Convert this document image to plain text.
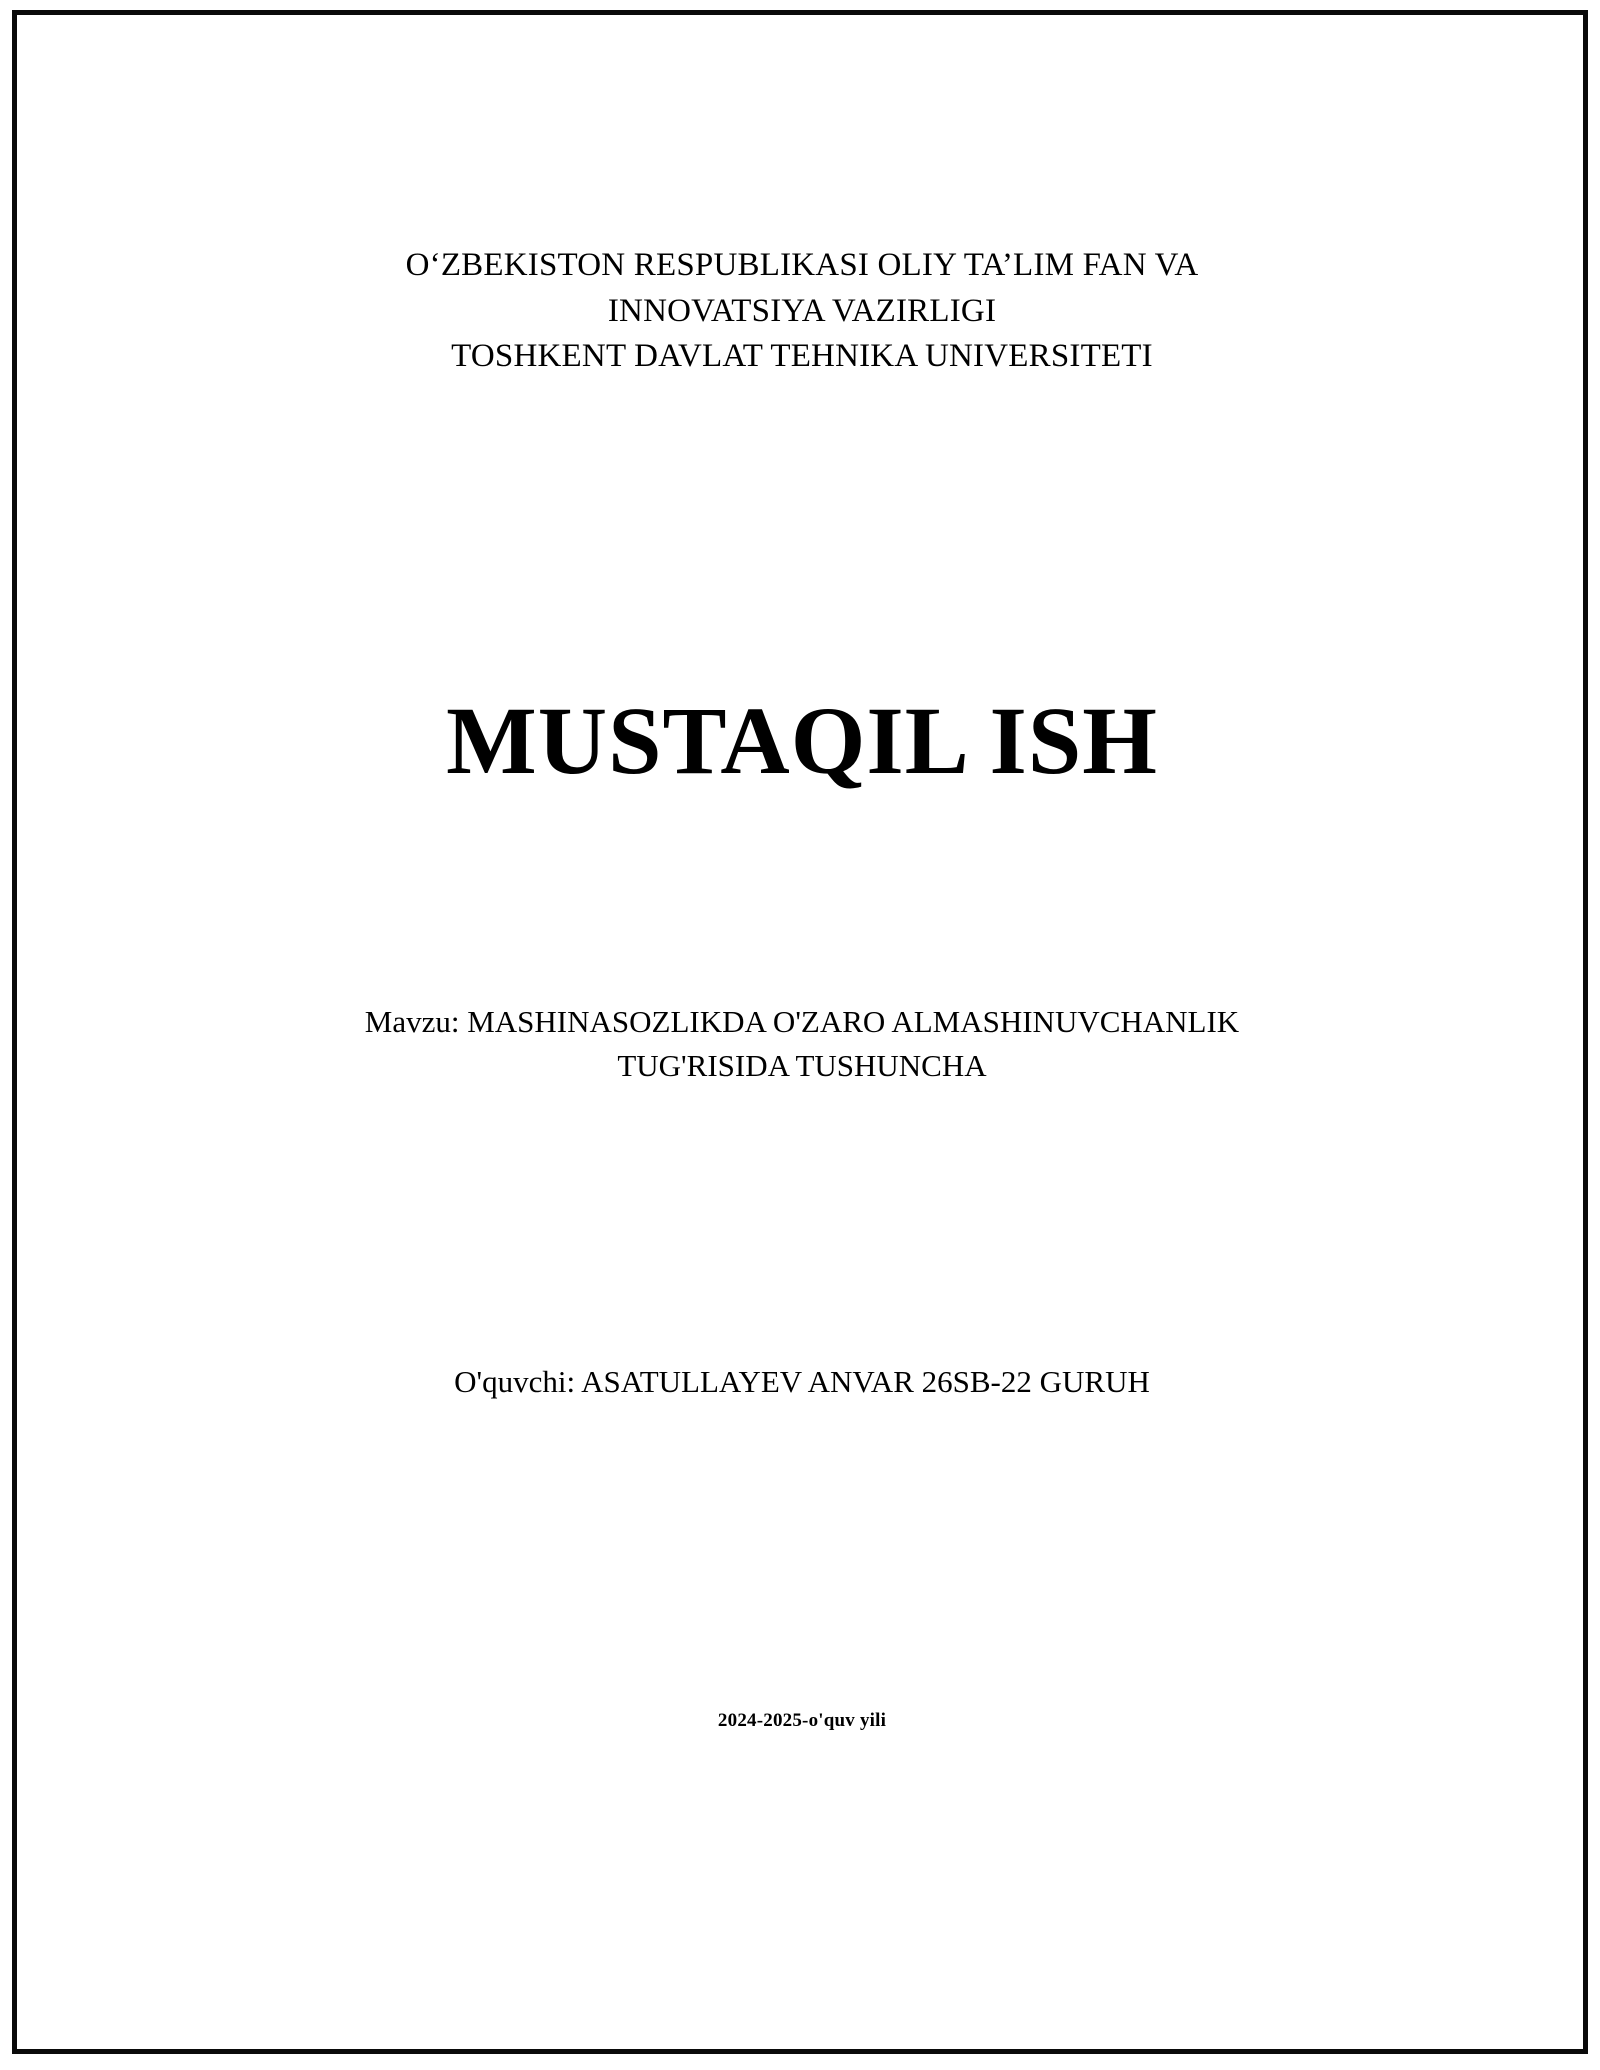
O‘ZBEKISTON RESPUBLIKASI OLIY TA’LIM FAN VA
INNOVATSIYA VAZIRLIGI
TOSHKENT DAVLAT TEHNIKA UNIVERSITETI
MUSTAQIL ISH
Mavzu: MASHINASOZLIKDA O'ZARO ALMASHINUVCHANLIK
TUG'RISIDA TUSHUNCHA
O'quvchi: ASATULLAYEV ANVAR 26SB-22 GURUH
2024-2025-o'quv yili
